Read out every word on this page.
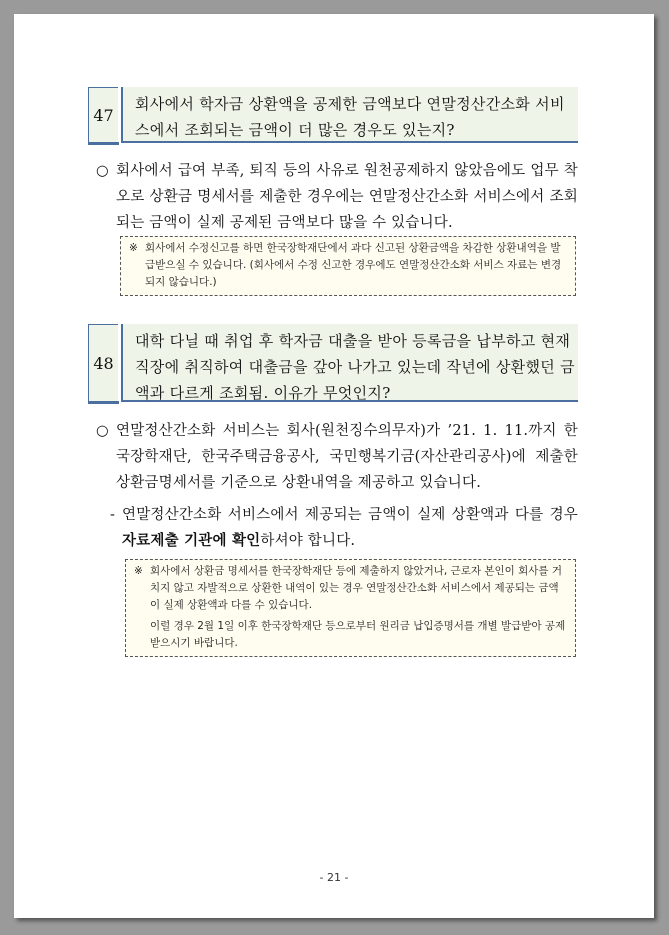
47
회사에서 학자금 상환액을 공제한 금액보다 연말정산간소화 서비스에서 조회되는 금액이 더 많은 경우도 있는지?
○ 회사에서 급여 부족, 퇴직 등의 사유로 원천공제하지 않았음에도 업무 착오로 상환금 명세서를 제출한 경우에는 연말정산간소화 서비스에서 조회되는 금액이 실제 공제된 금액보다 많을 수 있습니다.
※ 회사에서 수정신고를 하면 한국장학재단에서 과다 신고된 상환금액을 차감한 상환내역을 발급받으실 수 있습니다. (회사에서 수정 신고한 경우에도 연말정산간소화 서비스 자료는 변경되지 않습니다.)
48
대학 다닐 때 취업 후 학자금 대출을 받아 등록금을 납부하고 현재 직장에 취직하여 대출금을 갚아 나가고 있는데 작년에 상환했던 금액과 다르게 조회됨. 이유가 무엇인지?
○ 연말정산간소화 서비스는 회사(원천징수의무자)가 ’21. 1. 11.까지 한국장학재단, 한국주택금융공사, 국민행복기금(자산관리공사)에 제출한 상환금명세서를 기준으로 상환내역을 제공하고 있습니다.
- 연말정산간소화 서비스에서 제공되는 금액이 실제 상환액과 다를 경우 자료제출 기관에 확인하셔야 합니다.
※ 회사에서 상환금 명세서를 한국장학재단 등에 제출하지 않았거나, 근로자 본인이 회사를 거치지 않고 자발적으로 상환한 내역이 있는 경우 연말정산간소화 서비스에서 제공되는 금액이 실제 상환액과 다를 수 있습니다.
이럴 경우 2월 1일 이후 한국장학재단 등으로부터 원리금 납입증명서를 개별 발급받아 공제받으시기 바랍니다.
- 21 -
